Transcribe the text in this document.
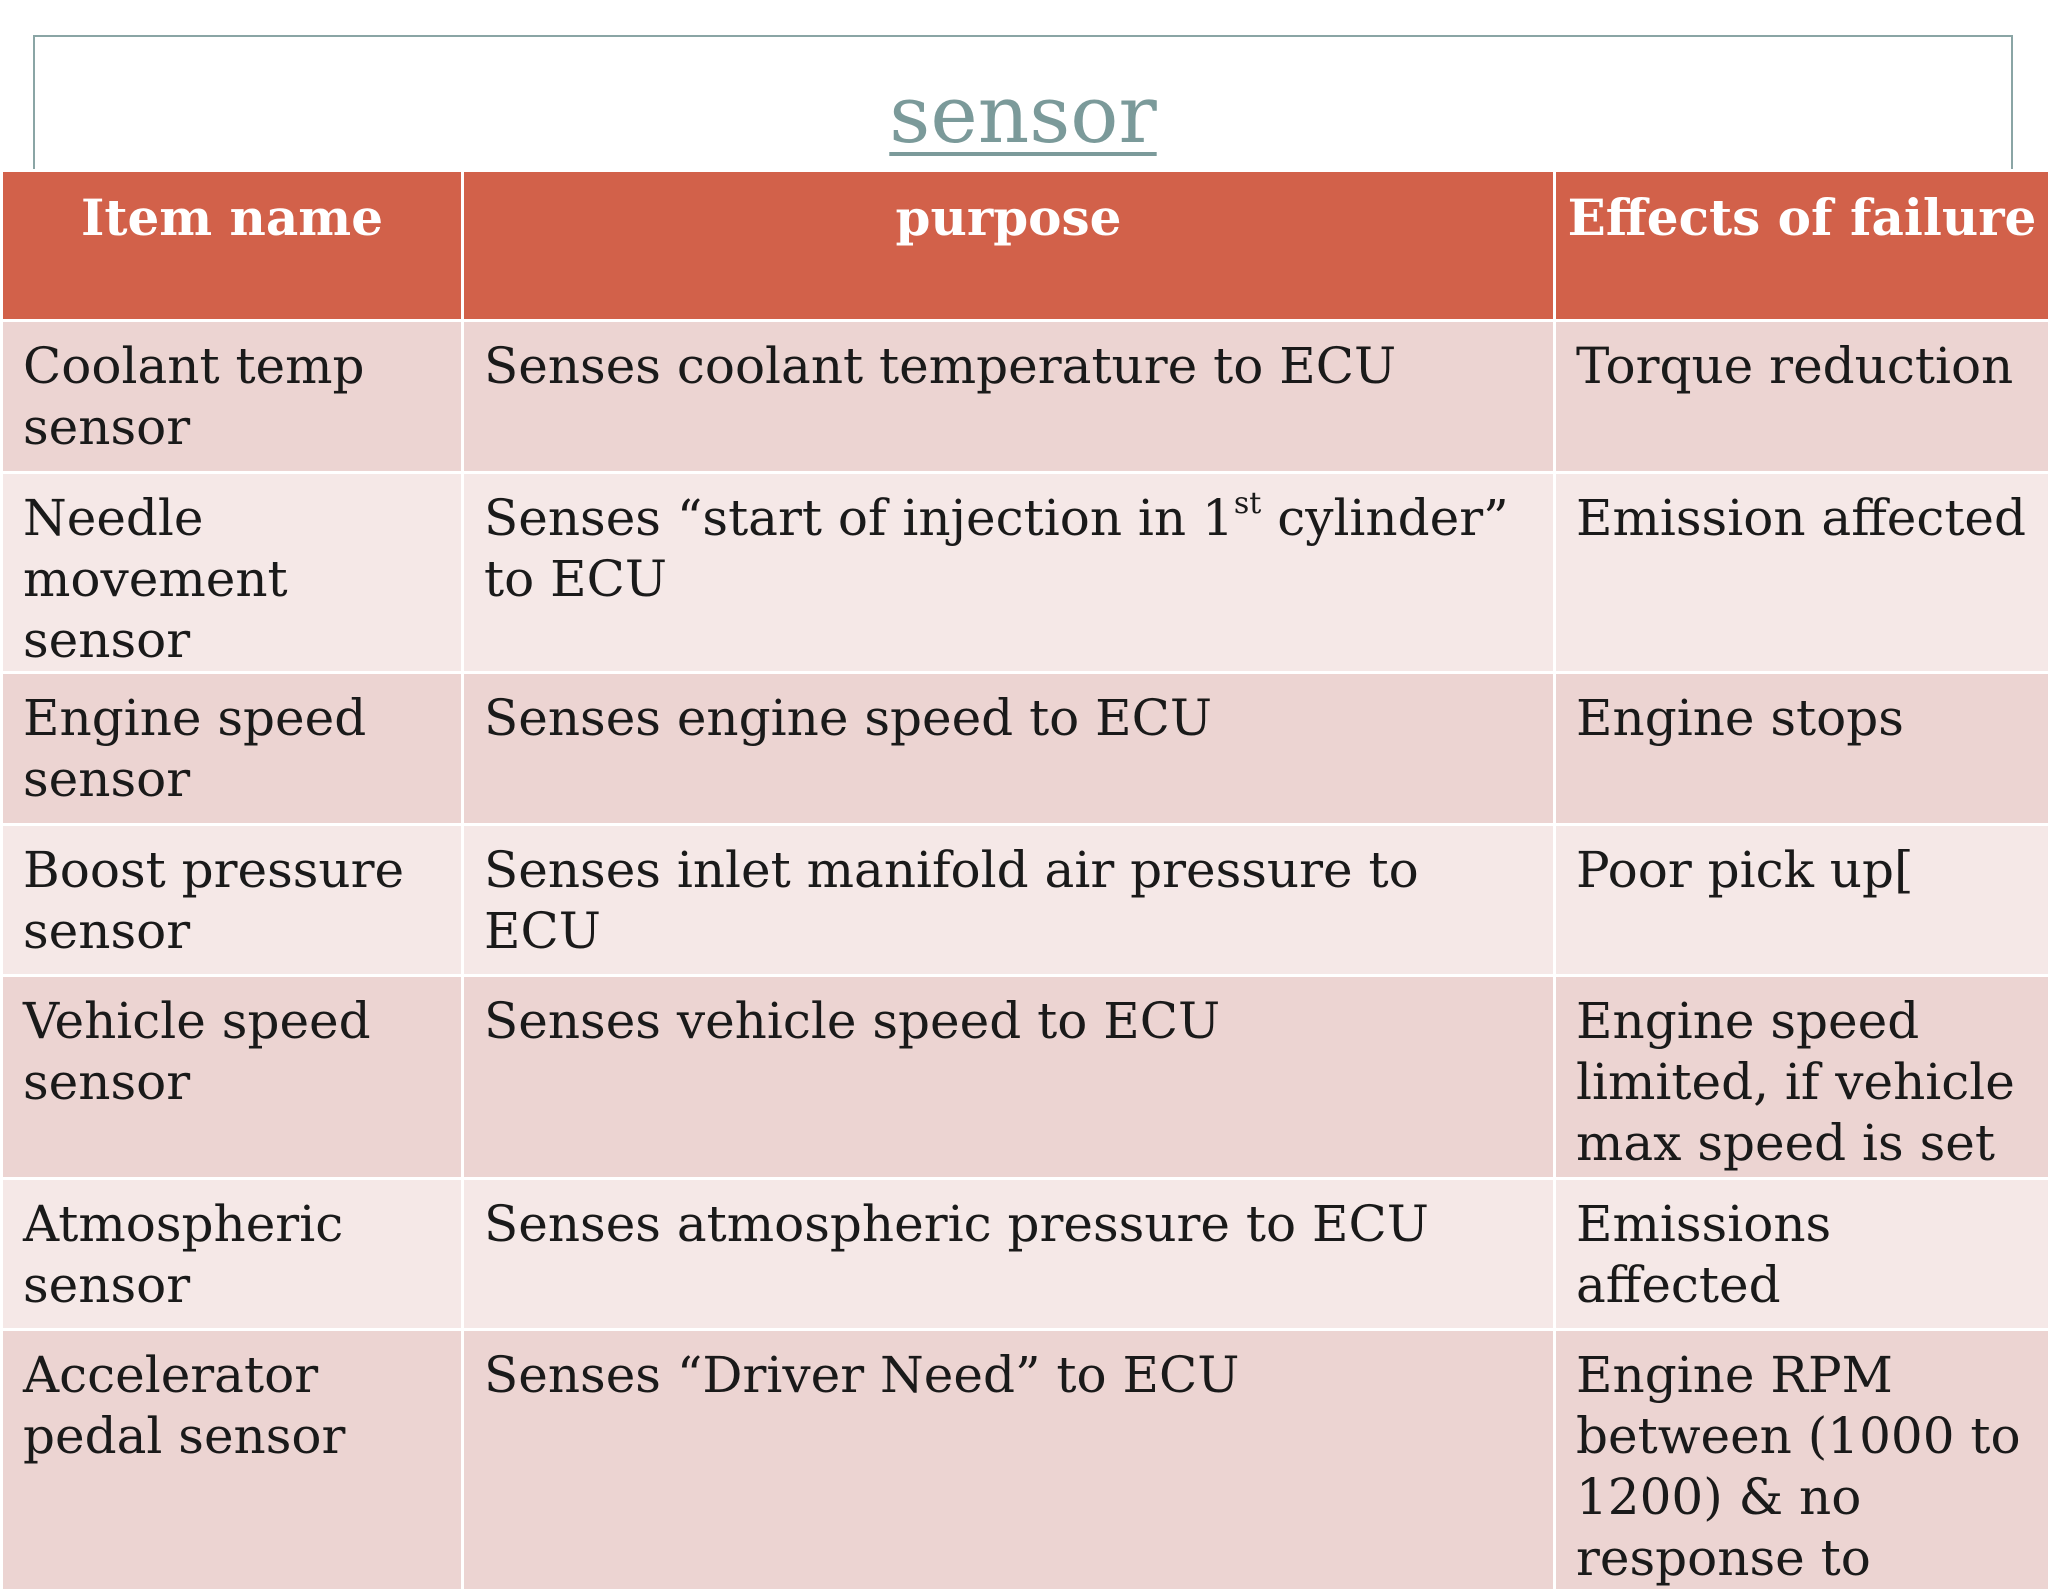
sensor
Item name	purpose	Effects of failure
Coolant temp sensor	Senses coolant temperature to ECU	Torque reduction
Needle movement sensor	Senses “start of injection in 1st cylinder” to ECU	Emission affected
Engine speed sensor	Senses engine speed to ECU	Engine stops
Boost pressure sensor	Senses inlet manifold air pressure to ECU	Poor pick up[
Vehicle speed sensor	Senses vehicle speed to ECU	Engine speed limited, if vehicle max speed is set
Atmospheric sensor	Senses atmospheric pressure to ECU	Emissions affected
Accelerator pedal sensor	Senses “Driver Need” to ECU	Engine RPM between (1000 to 1200) & no response to
